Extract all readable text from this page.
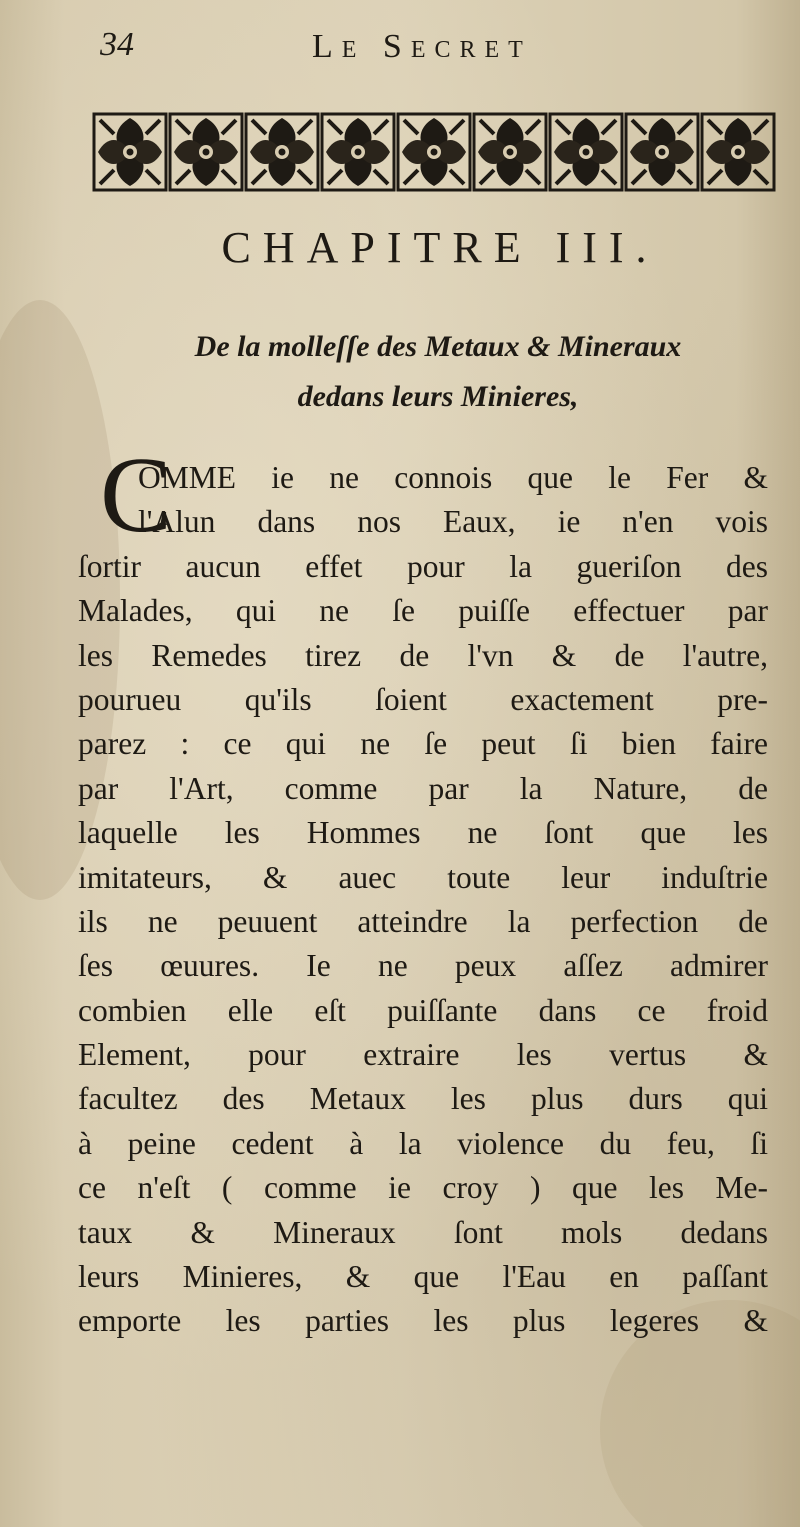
34	Le Secret
CHAPITRE III.
De la molleſſe des Metaux & Mineraux
dedans leurs Minieres,
C
OMME ie ne connois que le Fer &
l'Alun dans nos Eaux, ie n'en vois
ſortir aucun effet pour la gueriſon des
Malades, qui ne ſe puiſſe effectuer par
les Remedes tirez de l'vn & de l'autre,
pourueu qu'ils ſoient exactement pre-
parez : ce qui ne ſe peut ſi bien faire
par l'Art, comme par la Nature, de
laquelle les Hommes ne ſont que les
imitateurs, & auec toute leur induſtrie
ils ne peuuent atteindre la perfection de
ſes œuures. Ie ne peux aſſez admirer
combien elle eſt puiſſante dans ce froid
Element, pour extraire les vertus &
facultez des Metaux les plus durs qui
à peine cedent à la violence du feu, ſi
ce n'eſt ( comme ie croy ) que les Me-
taux & Mineraux ſont mols dedans
leurs Minieres, & que l'Eau en paſſant
emporte les parties les plus legeres &
